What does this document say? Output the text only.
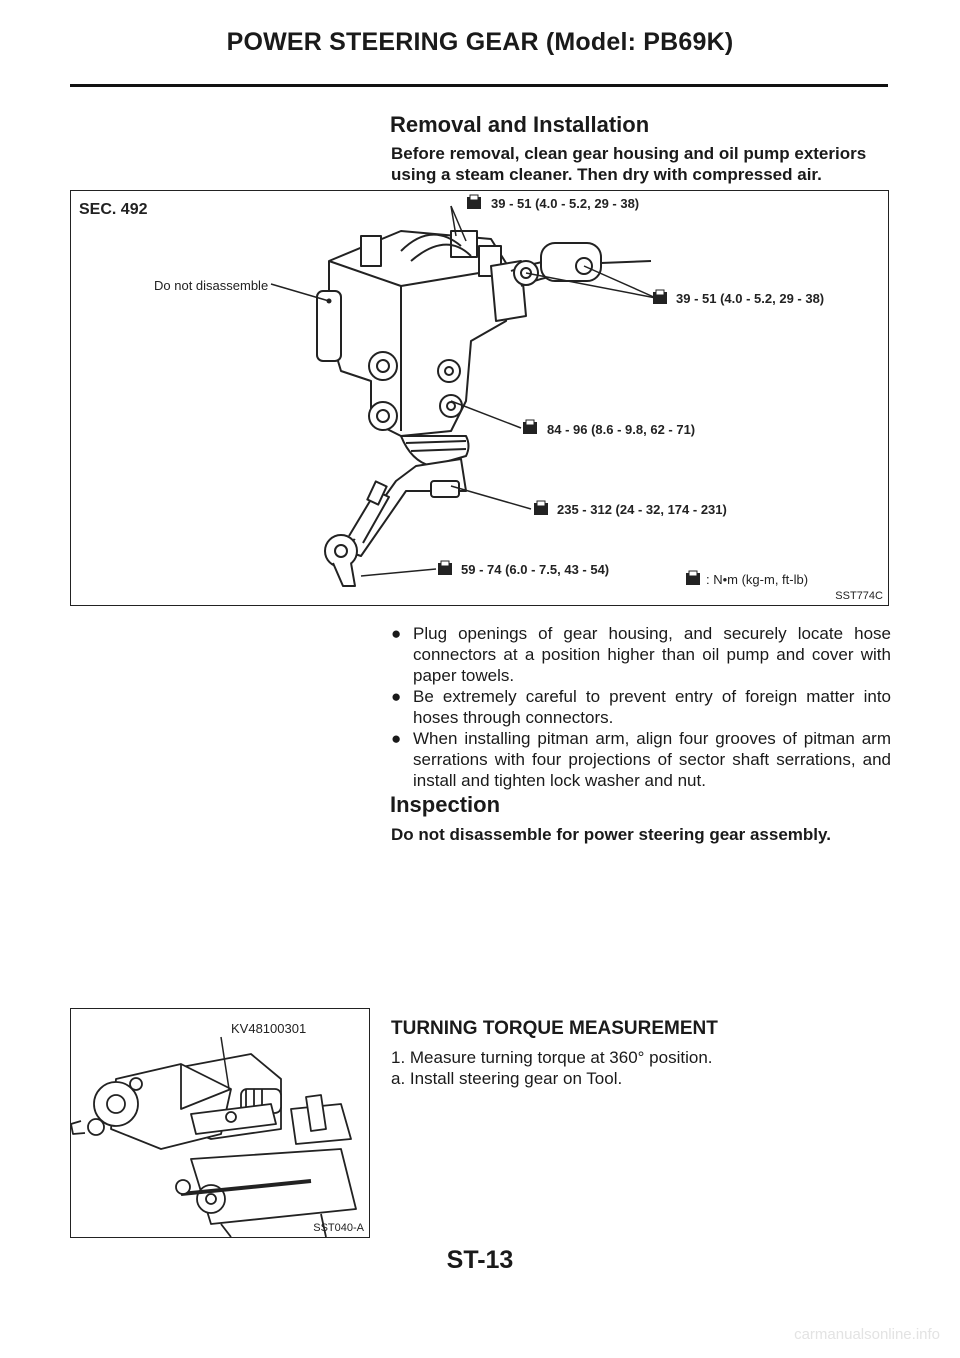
POWER STEERING GEAR (Model: PB69K)
Removal and Installation
Before removal, clean gear housing and oil pump exteriors using a steam cleaner. Then dry with compressed air.
SEC. 492
Do not disassemble
39 - 51 (4.0 - 5.2, 29 - 38)
39 - 51 (4.0 - 5.2, 29 - 38)
84 - 96 (8.6 - 9.8, 62 - 71)
235 - 312 (24 - 32, 174 - 231)
59 - 74 (6.0 - 7.5, 43 - 54)
: N•m (kg-m, ft-lb)
SST774C
● Plug openings of gear housing, and securely locate hose connectors at a position higher than oil pump and cover with paper towels.
● Be extremely careful to prevent entry of foreign matter into hoses through connectors.
● When installing pitman arm, align four grooves of pitman arm serrations with four projections of sector shaft serrations, and install and tighten lock washer and nut.
Inspection
Do not disassemble for power steering gear assembly.
KV48100301
SST040-A
TURNING TORQUE MEASUREMENT
1. Measure turning torque at 360° position.
a. Install steering gear on Tool.
ST-13
carmanualsonline.info
